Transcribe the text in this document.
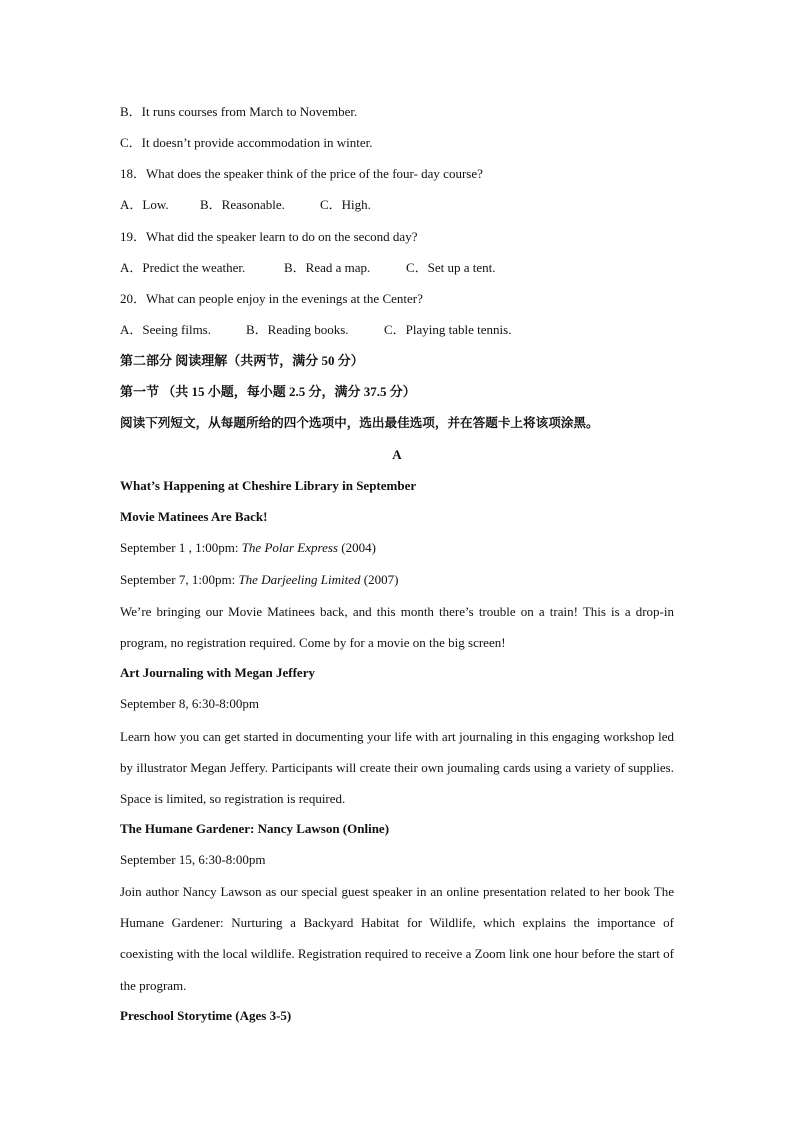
B．It runs courses from March to November.
C．It doesn’t provide accommodation in winter.
18．What does the speaker think of the price of the four- day course?
A．Low. B．Reasonable.	C．High.
19．What did the speaker learn to do on the second day?
A．Predict the weather.	B．Read a map.	C．Set up a tent.
20．What can people enjoy in the evenings at the Center?
A．Seeing films.	B．Reading books.	C．Playing table tennis.
第二部分 阅读理解（共两节，满分 50 分）
第一节 （共 15 小题，每小题 2.5 分，满分 37.5 分）
阅读下列短文，从每题所给的四个选项中，选出最佳选项，并在答题卡上将该项涂黑。
A
What’s Happening at Cheshire Library in September
Movie Matinees Are Back!
September 1 , 1:00pm: The Polar Express (2004)
September 7, 1:00pm: The Darjeeling Limited (2007)
We’re bringing our Movie Matinees back, and this month there’s trouble on a train! This is a drop-in program, no registration required. Come by for a movie on the big screen!
Art Journaling with Megan Jeffery
September 8, 6:30-8:00pm
Learn how you can get started in documenting your life with art journaling in this engaging workshop led by illustrator Megan Jeffery. Participants will create their own joumaling cards using a variety of supplies. Space is limited, so registration is required.
The Humane Gardener: Nancy Lawson (Online)
September 15, 6:30-8:00pm
Join author Nancy Lawson as our special guest speaker in an online presentation related to her book The Humane Gardener: Nurturing a Backyard Habitat for Wildlife, which explains the importance of coexisting with the local wildlife. Registration required to receive a Zoom link one hour before the start of the program.
Preschool Storytime (Ages 3-5)
